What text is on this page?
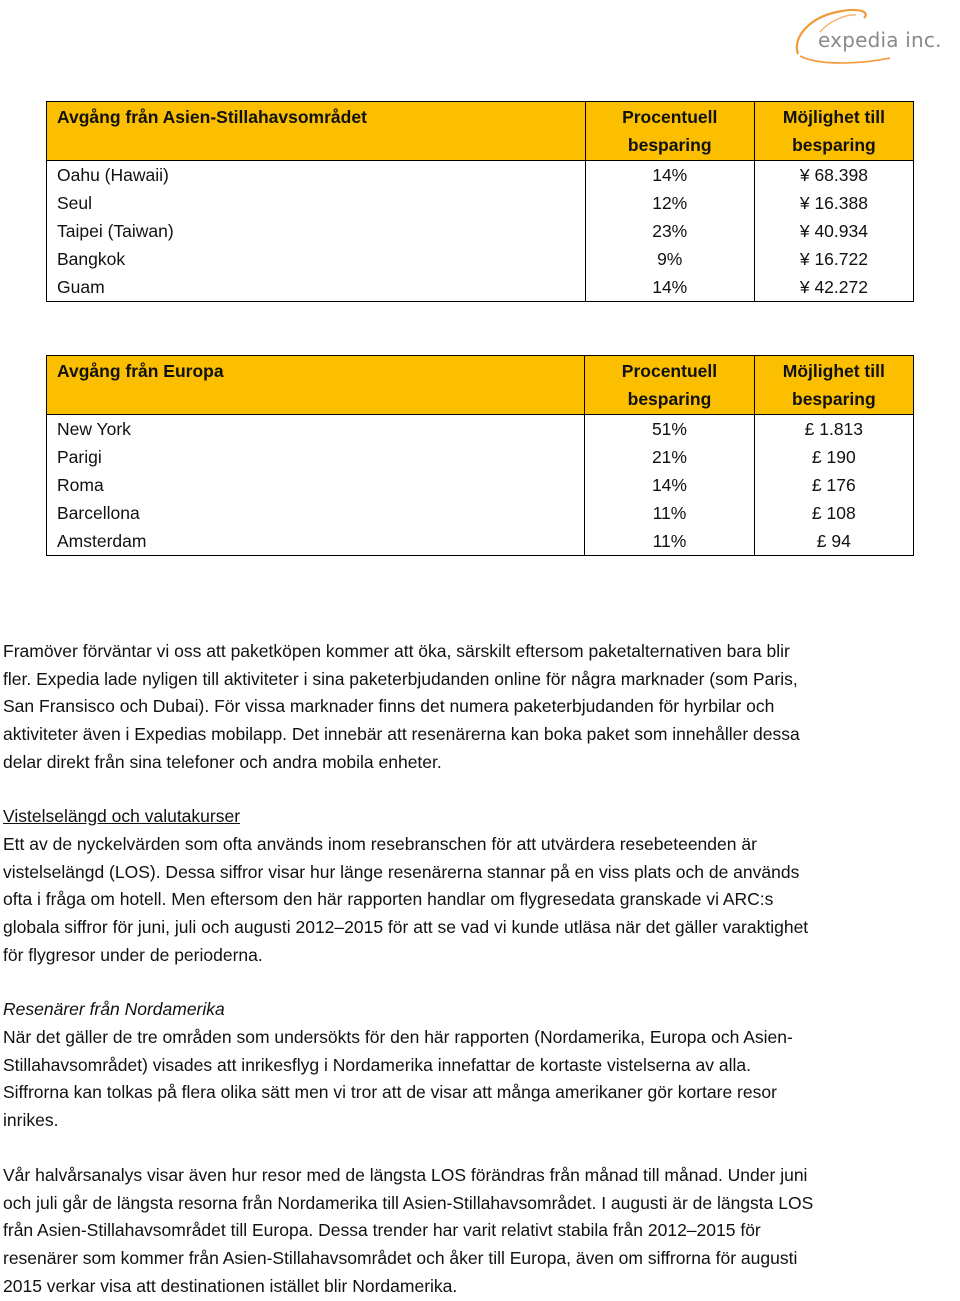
expedia inc.
Avgång från Asien-Stillahavsområdet	Procentuell besparing	Möjlighet till besparing
Oahu (Hawaii)	14%	¥ 68.398
Seul	12%	¥ 16.388
Taipei (Taiwan)	23%	¥ 40.934
Bangkok	9%	¥ 16.722
Guam	14%	¥ 42.272
Avgång från Europa	Procentuell besparing	Möjlighet till besparing
New York	51%	£ 1.813
Parigi	21%	£ 190
Roma	14%	£ 176
Barcellona	11%	£ 108
Amsterdam	11%	£ 94
Framöver förväntar vi oss att paketköpen kommer att öka, särskilt eftersom paketalternativen bara blir
fler. Expedia lade nyligen till aktiviteter i sina paketerbjudanden online för några marknader (som Paris,
San Fransisco och Dubai). För vissa marknader finns det numera paketerbjudanden för hyrbilar och
aktiviteter även i Expedias mobilapp. Det innebär att resenärerna kan boka paket som innehåller dessa
delar direkt från sina telefoner och andra mobila enheter.
Vistelselängd och valutakurser
Ett av de nyckelvärden som ofta används inom resebranschen för att utvärdera resebeteenden är
vistelselängd (LOS). Dessa siffror visar hur länge resenärerna stannar på en viss plats och de används
ofta i fråga om hotell. Men eftersom den här rapporten handlar om flygresedata granskade vi ARC:s
globala siffror för juni, juli och augusti 2012–2015 för att se vad vi kunde utläsa när det gäller varaktighet
för flygresor under de perioderna.
Resenärer från Nordamerika
När det gäller de tre områden som undersökts för den här rapporten (Nordamerika, Europa och Asien-
Stillahavsområdet) visades att inrikesflyg i Nordamerika innefattar de kortaste vistelserna av alla.
Siffrorna kan tolkas på flera olika sätt men vi tror att de visar att många amerikaner gör kortare resor
inrikes.
Vår halvårsanalys visar även hur resor med de längsta LOS förändras från månad till månad. Under juni
och juli går de längsta resorna från Nordamerika till Asien-Stillahavsområdet. I augusti är de längsta LOS
från Asien-Stillahavsområdet till Europa. Dessa trender har varit relativt stabila från 2012–2015 för
resenärer som kommer från Asien-Stillahavsområdet och åker till Europa, även om siffrorna för augusti
2015 verkar visa att destinationen istället blir Nordamerika.
